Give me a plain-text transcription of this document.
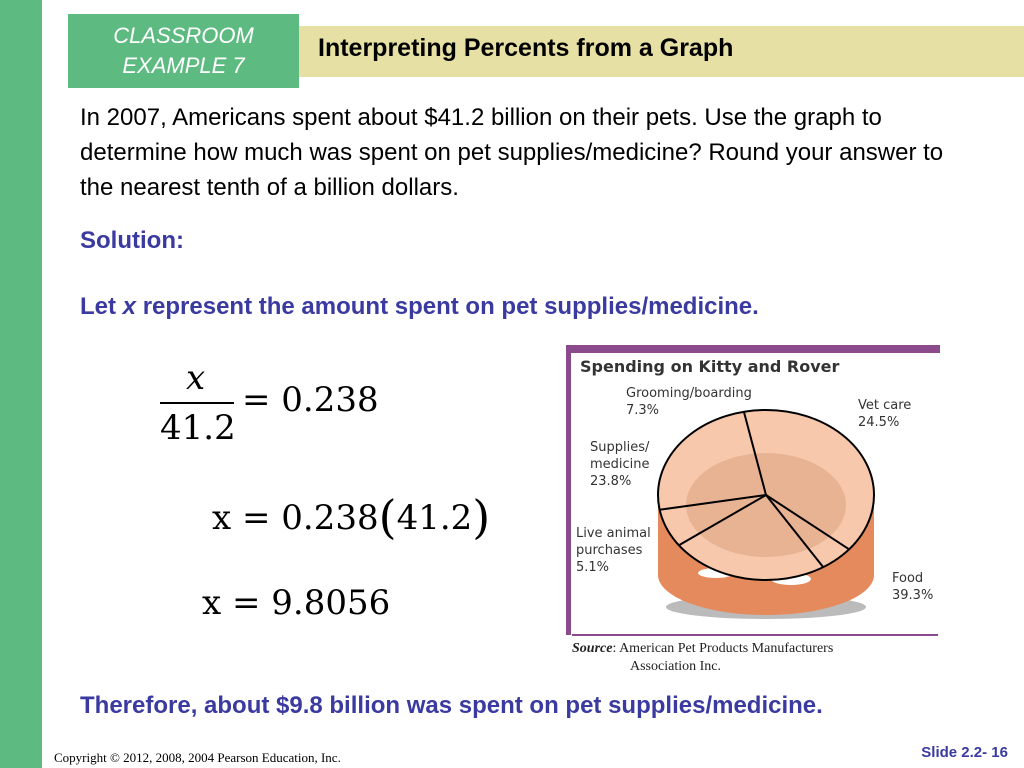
Interpreting Percents from a Graph
CLASSROOM
EXAMPLE 7
In 2007, Americans spent about $41.2 billion on their pets. Use the graph to determine how much was spent on pet supplies/medicine? Round your answer to the nearest tenth of a billion dollars.
Solution:
Let x represent the amount spent on pet supplies/medicine.
x
41.2
= 0.238
x = 0.238(41.2)
x = 9.8056
Spending on Kitty and Rover
Grooming/boarding
7.3%	Vet care
24.5%
Supplies/
medicine
23.8%
Live animal
purchases
5.1%
Food
39.3%
Source: American Pet Products Manufacturers
Association Inc.
Therefore, about $9.8 billion was spent on pet supplies/medicine.
Copyright © 2012, 2008, 2004 Pearson Education, Inc.	Slide 2.2- 16
